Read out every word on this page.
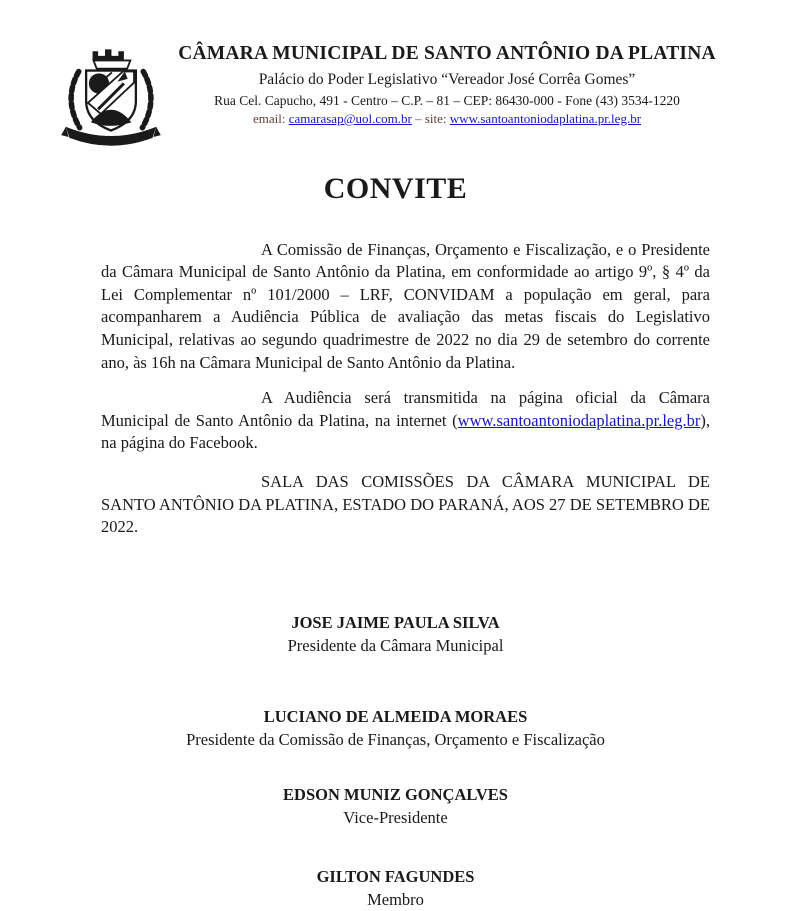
CÂMARA MUNICIPAL DE SANTO ANTÔNIO DA PLATINA
Palácio do Poder Legislativo “Vereador José Corrêa Gomes”
Rua Cel. Capucho, 491 - Centro – C.P. – 81 – CEP: 86430-000 - Fone (43) 3534-1220
email: camarasap@uol.com.br – site: www.santoantoniodaplatina.pr.leg.br
CONVITE

A Comissão de Finanças, Orçamento e Fiscalização, e o Presidente da Câmara Municipal de Santo Antônio da Platina, em conformidade ao artigo 9º, § 4º da Lei Complementar nº 101/2000 – LRF, CONVIDAM a população em geral, para acompanharem a Audiência Pública de avaliação das metas fiscais do Legislativo Municipal, relativas ao segundo quadrimestre de 2022 no dia 29 de setembro do corrente ano, às 16h na Câmara Municipal de Santo Antônio da Platina.

A Audiência será transmitida na página oficial da Câmara Municipal de Santo Antônio da Platina, na internet (www.santoantoniodaplatina.pr.leg.br), na página do Facebook.

SALA DAS COMISSÕES DA CÂMARA MUNICIPAL DE SANTO ANTÔNIO DA PLATINA, ESTADO DO PARANÁ, AOS 27 DE SETEMBRO DE 2022.

JOSE JAIME PAULA SILVA
Presidente da Câmara Municipal
LUCIANO DE ALMEIDA MORAES
Presidente da Comissão de Finanças, Orçamento e Fiscalização
EDSON MUNIZ GONÇALVES
Vice-Presidente
GILTON FAGUNDES
Membro
